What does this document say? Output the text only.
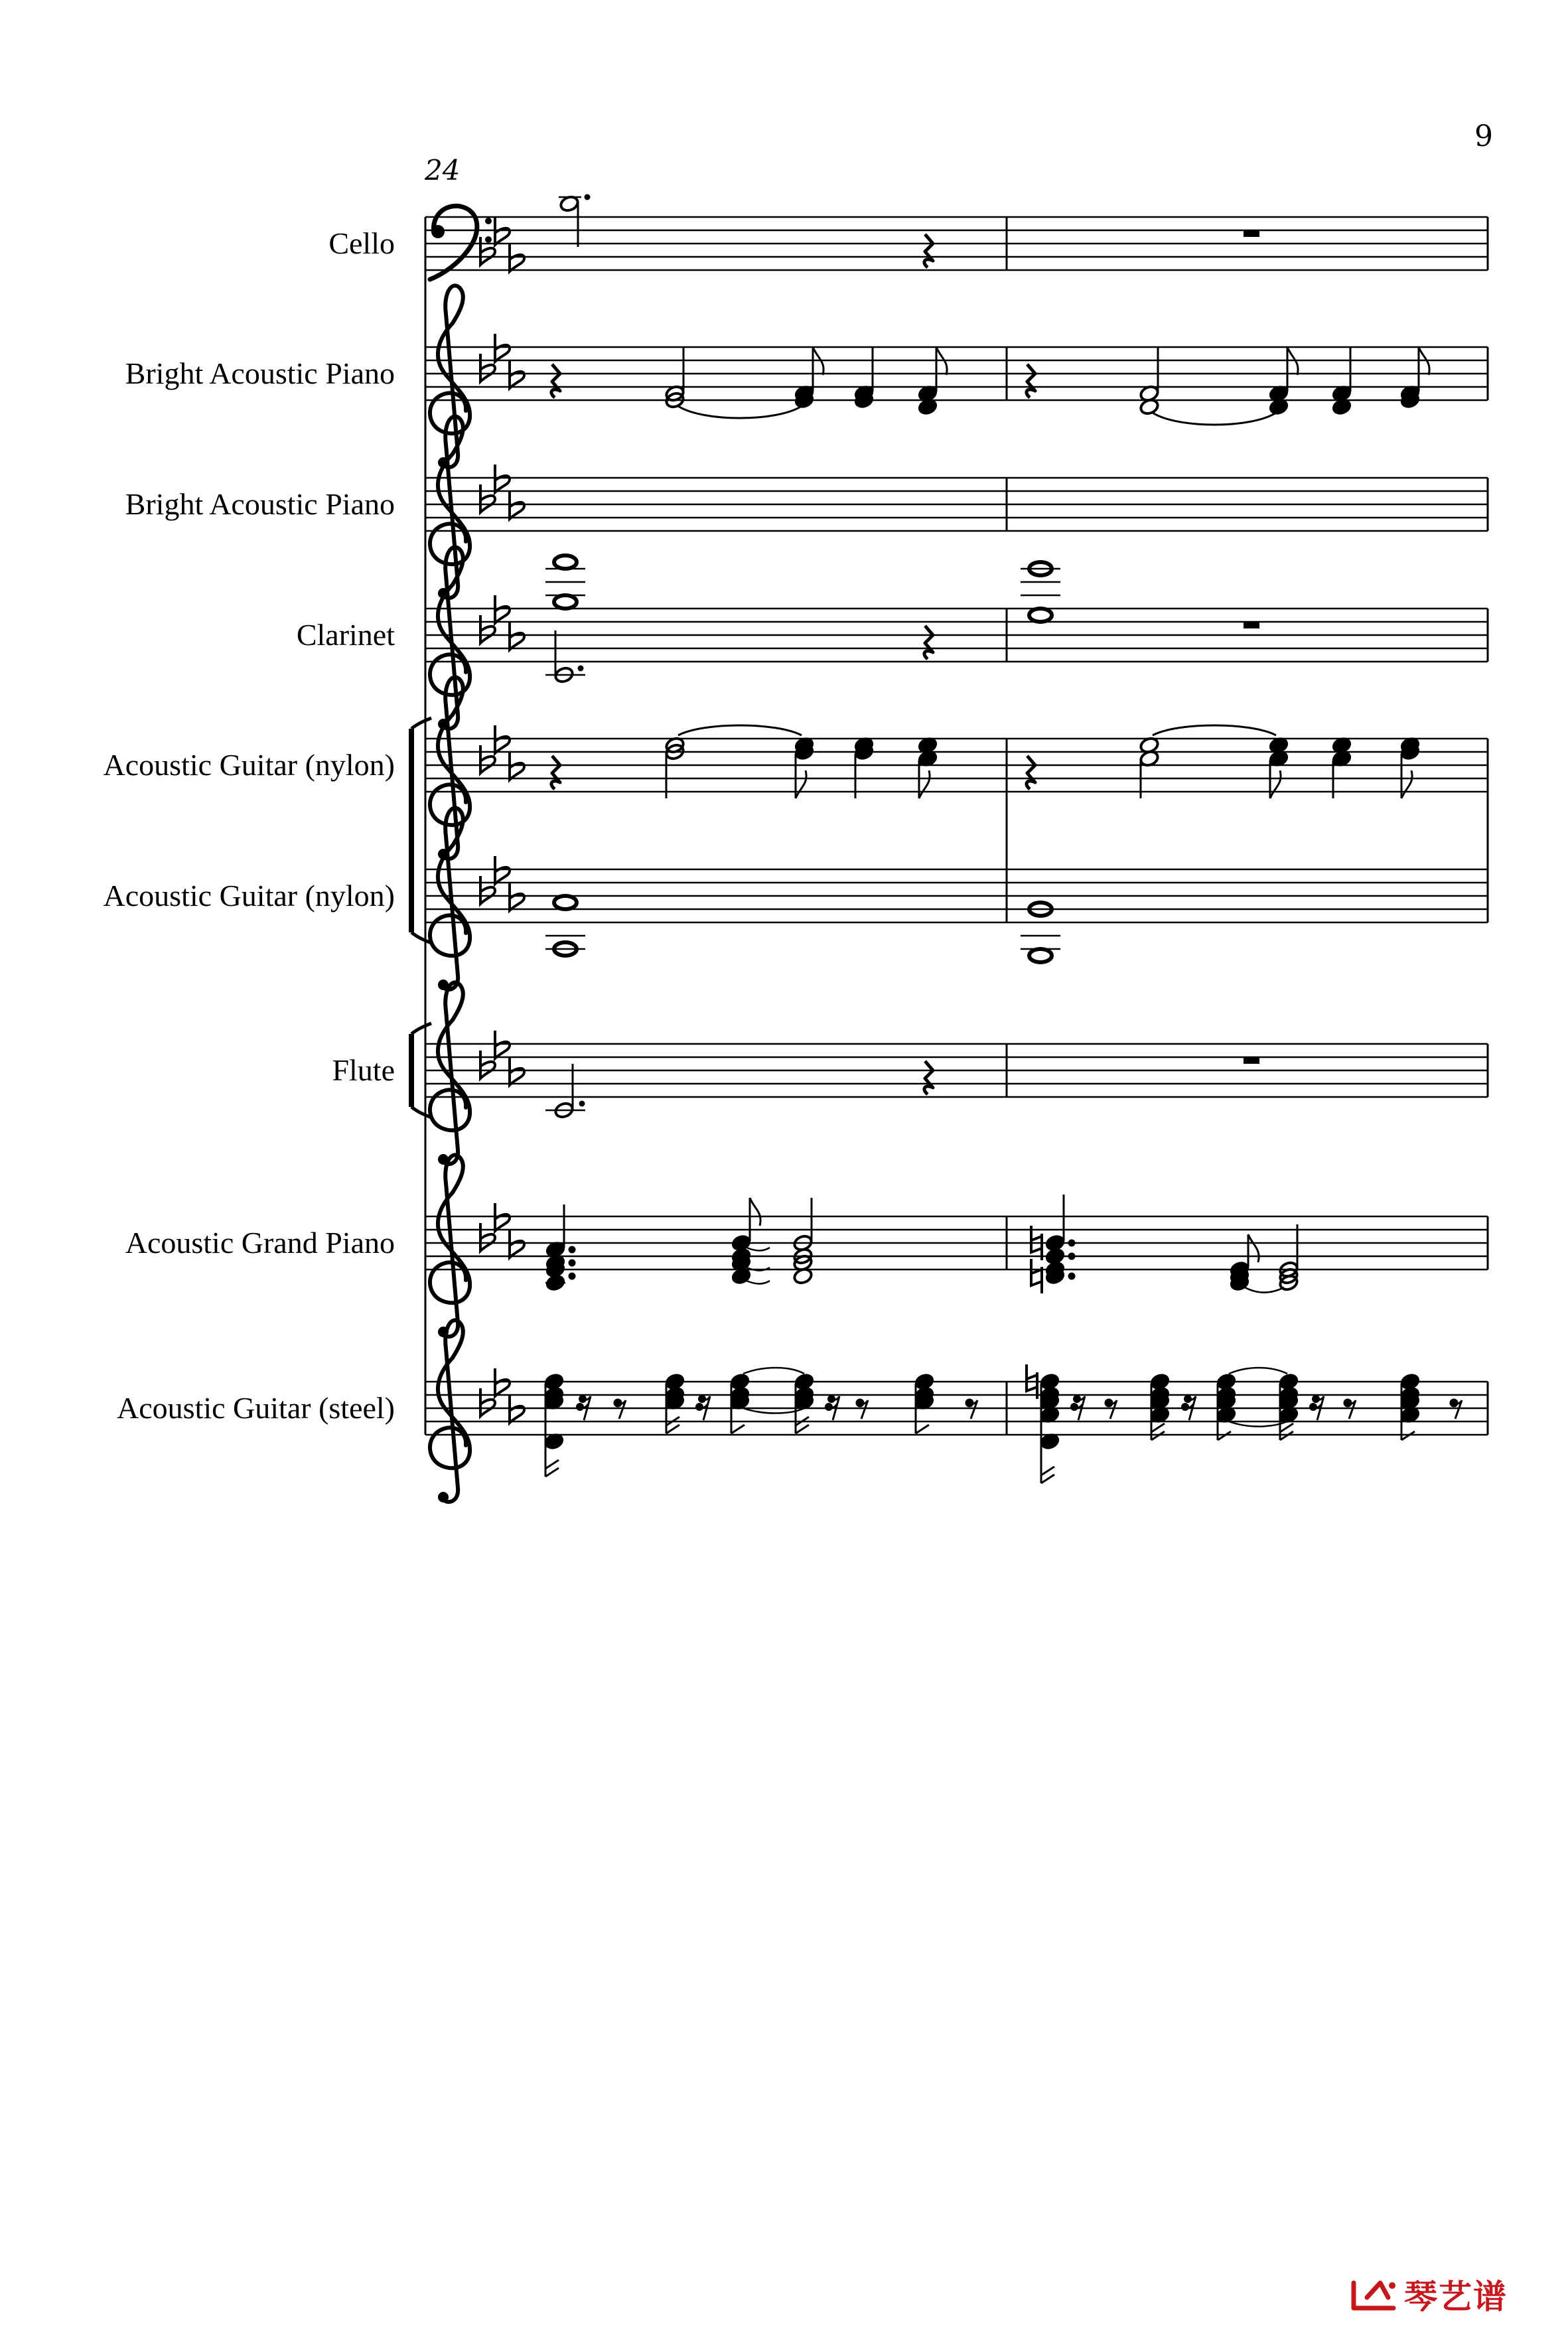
9
24
Cello
Bright Acoustic Piano
Bright Acoustic Piano
Clarinet
Acoustic Guitar (nylon)
Acoustic Guitar (nylon)
Flute
Acoustic Grand Piano
Acoustic Guitar (steel)
琴艺谱
